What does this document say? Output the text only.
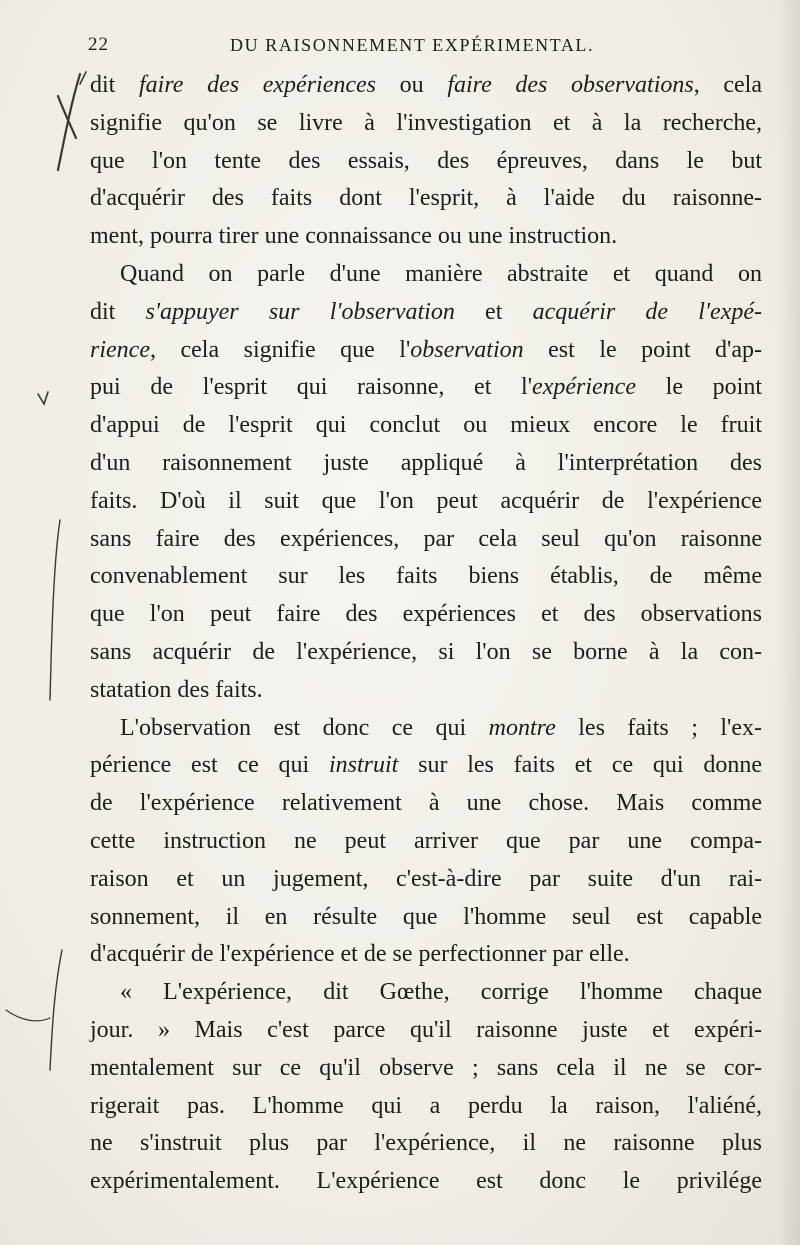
22	DU RAISONNEMENT EXPÉRIMENTAL.
dit faire des expériences ou faire des observations, cela
signifie qu'on se livre à l'investigation et à la recherche,
que l'on tente des essais, des épreuves, dans le but
d'acquérir des faits dont l'esprit, à l'aide du raisonne-
ment, pourra tirer une connaissance ou une instruction.
Quand on parle d'une manière abstraite et quand on
dit s'appuyer sur l'observation et acquérir de l'expé-
rience, cela signifie que l'observation est le point d'ap-
pui de l'esprit qui raisonne, et l'expérience le point
d'appui de l'esprit qui conclut ou mieux encore le fruit
d'un raisonnement juste appliqué à l'interprétation des
faits. D'où il suit que l'on peut acquérir de l'expérience
sans faire des expériences, par cela seul qu'on raisonne
convenablement sur les faits biens établis, de même
que l'on peut faire des expériences et des observations
sans acquérir de l'expérience, si l'on se borne à la con-
statation des faits.
L'observation est donc ce qui montre les faits ; l'ex-
périence est ce qui instruit sur les faits et ce qui donne
de l'expérience relativement à une chose. Mais comme
cette instruction ne peut arriver que par une compa-
raison et un jugement, c'est-à-dire par suite d'un rai-
sonnement, il en résulte que l'homme seul est capable
d'acquérir de l'expérience et de se perfectionner par elle.
« L'expérience, dit Gœthe, corrige l'homme chaque
jour. » Mais c'est parce qu'il raisonne juste et expéri-
mentalement sur ce qu'il observe ; sans cela il ne se cor-
rigerait pas. L'homme qui a perdu la raison, l'aliéné,
ne s'instruit plus par l'expérience, il ne raisonne plus
expérimentalement. L'expérience est donc le privilége
